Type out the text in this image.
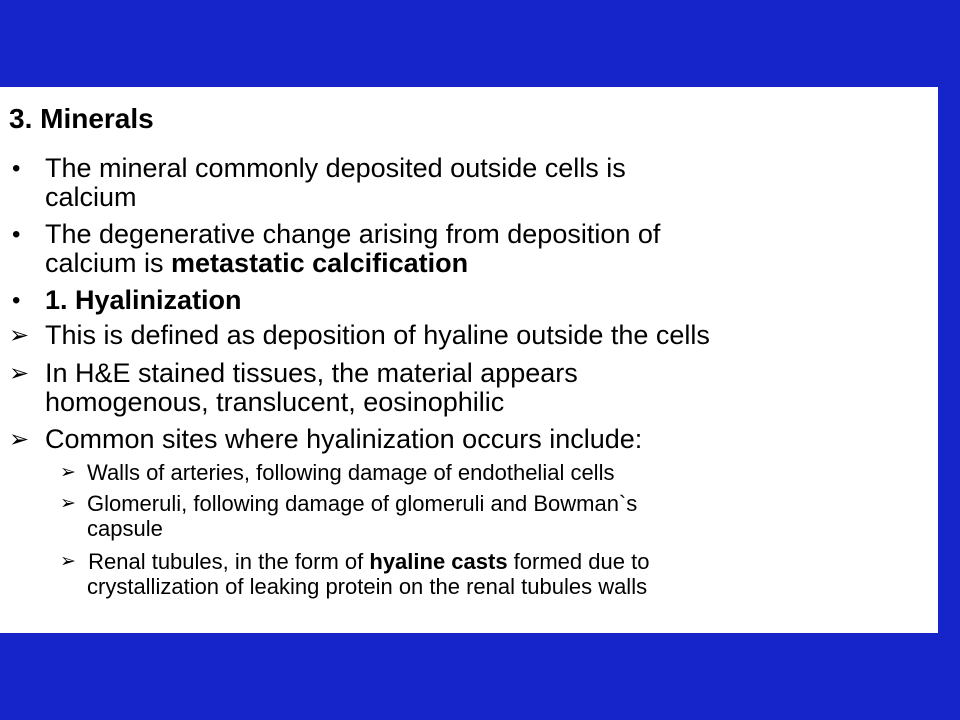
3. Minerals
• The mineral commonly deposited outside cells is
calcium
• The degenerative change arising from deposition of
calcium is metastatic calcification
• 1. Hyalinization
➢ This is defined as deposition of hyaline outside the cells
➢ In H&E stained tissues, the material appears
homogenous, translucent, eosinophilic
➢ Common sites where hyalinization occurs include:
➢ Walls of arteries, following damage of endothelial cells
➢ Glomeruli, following damage of glomeruli and Bowman`s
capsule
➢ Renal tubules, in the form of hyaline casts formed due to
crystallization of leaking protein on the renal tubules walls
